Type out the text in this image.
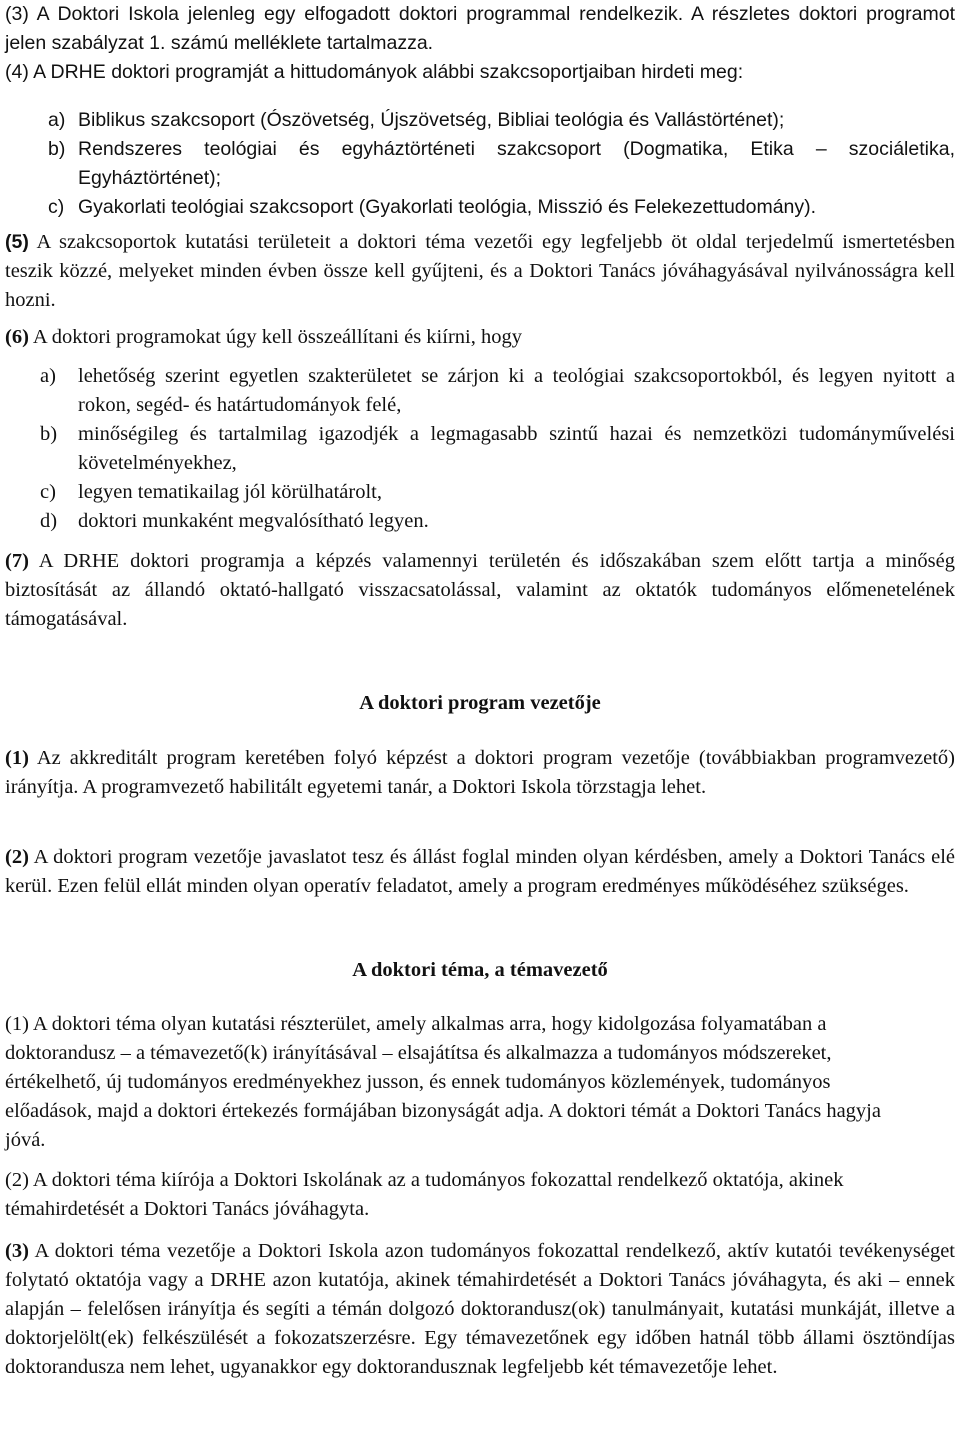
(3) A Doktori Iskola jelenleg egy elfogadott doktori programmal rendelkezik. A részletes doktori programot jelen szabályzat 1. számú melléklete tartalmazza.

(4) A DRHE doktori programját a hittudományok alábbi szakcsoportjaiban hirdeti meg:

a) Biblikus szakcsoport (Ószövetség, Újszövetség, Bibliai teológia és Vallástörténet);
b) Rendszeres teológiai és egyháztörténeti szakcsoport (Dogmatika, Etika – szociáletika, Egyháztörténet);
c) Gyakorlati teológiai szakcsoport (Gyakorlati teológia, Misszió és Felekezettudomány).

(5) A szakcsoportok kutatási területeit a doktori téma vezetői egy legfeljebb öt oldal terjedelmű ismertetésben teszik közzé, melyeket minden évben össze kell gyűjteni, és a Doktori Tanács jóváhagyásával nyilvánosságra kell hozni.

(6) A doktori programokat úgy kell összeállítani és kiírni, hogy

a)	lehetőség szerint egyetlen szakterületet se zárjon ki a teológiai szakcsoportokból, és legyen nyitott a rokon, segéd- és határtudományok felé,
b)	minőségileg és tartalmilag igazodjék a legmagasabb szintű hazai és nemzetközi tudományművelési követelményekhez,
c)	legyen tematikailag jól körülhatárolt,
d)	doktori munkaként megvalósítható legyen.

(7) A DRHE doktori programja a képzés valamennyi területén és időszakában szem előtt tartja a minőség biztosítását az állandó oktató-hallgató visszacsatolással, valamint az oktatók tudományos előmenetelének támogatásával.

A doktori program vezetője

(1) Az akkreditált program keretében folyó képzést a doktori program vezetője (továbbiakban programvezető) irányítja. A programvezető habilitált egyetemi tanár, a Doktori Iskola törzstagja lehet.

(2) A doktori program vezetője javaslatot tesz és állást foglal minden olyan kérdésben, amely a Doktori Tanács elé kerül. Ezen felül ellát minden olyan operatív feladatot, amely a program eredményes működéséhez szükséges.

A doktori téma, a témavezető

(1) A doktori téma olyan kutatási részterület, amely alkalmas arra, hogy kidolgozása folyamatában a doktorandusz – a témavezető(k) irányításával – elsajátítsa és alkalmazza a tudományos módszereket, értékelhető, új tudományos eredményekhez jusson, és ennek tudományos közlemények, tudományos előadások, majd a doktori értekezés formájában bizonyságát adja. A doktori témát a Doktori Tanács hagyja jóvá.

(2) A doktori téma kiírója a Doktori Iskolának az a tudományos fokozattal rendelkező oktatója, akinek témahirdetését a Doktori Tanács jóváhagyta.

(3) A doktori téma vezetője a Doktori Iskola azon tudományos fokozattal rendelkező, aktív kutatói tevékenységet folytató oktatója vagy a DRHE azon kutatója, akinek témahirdetését a Doktori Tanács jóváhagyta, és aki – ennek alapján – felelősen irányítja és segíti a témán dolgozó doktorandusz(ok) tanulmányait, kutatási munkáját, illetve a doktorjelölt(ek) felkészülését a fokozatszerzésre. Egy témavezetőnek egy időben hatnál több állami ösztöndíjas doktorandusza nem lehet, ugyanakkor egy doktorandusznak legfeljebb két témavezetője lehet.
